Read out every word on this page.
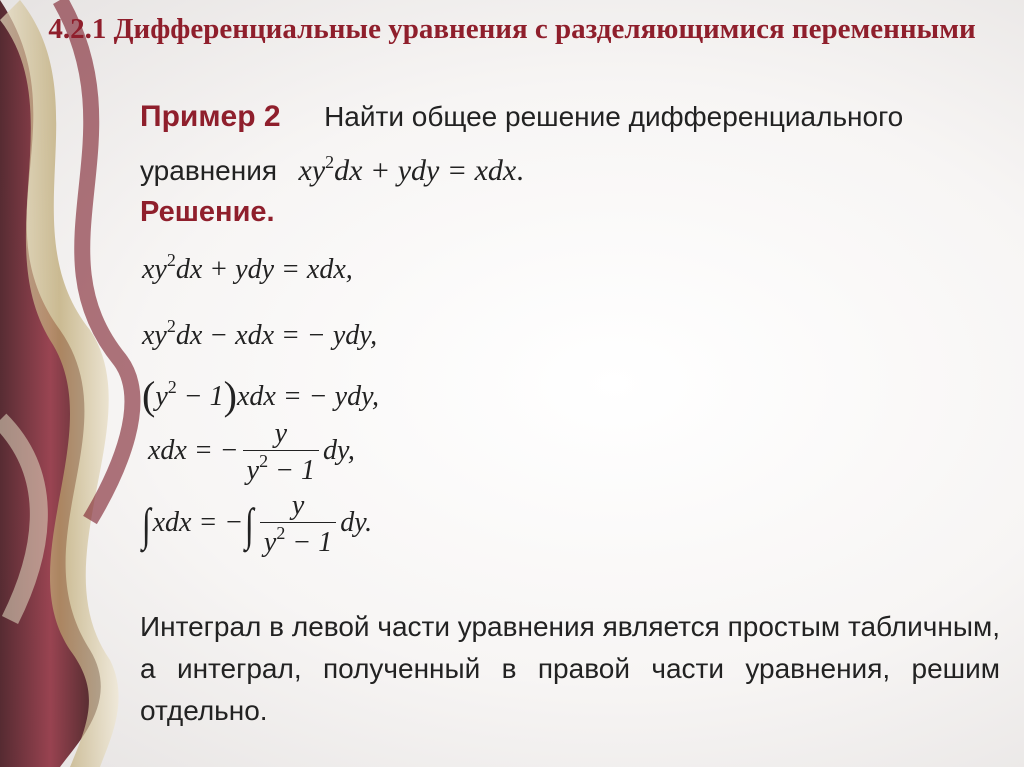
4.2.1 Дифференциальные уравнения с разделяющимися переменными
Пример 2 Найти общее решение дифференциального
уравнения $xy^2dx$ + ydy = xdx.
Решение.
$xy^2dx$ + ydy = xdx,
$xy^2dx$ − xdx = − ydy,
$(y^2 - 1)xdx$ = − ydy,
xdx = − $\frac{y}{y^2 - 1}$ dy,
∫xdx = −∫ $\frac{y}{y^2 - 1}$ dy.
Интеграл в левой части уравнения является простым табличным, а интеграл, полученный в правой части уравнения, решим отдельно.
